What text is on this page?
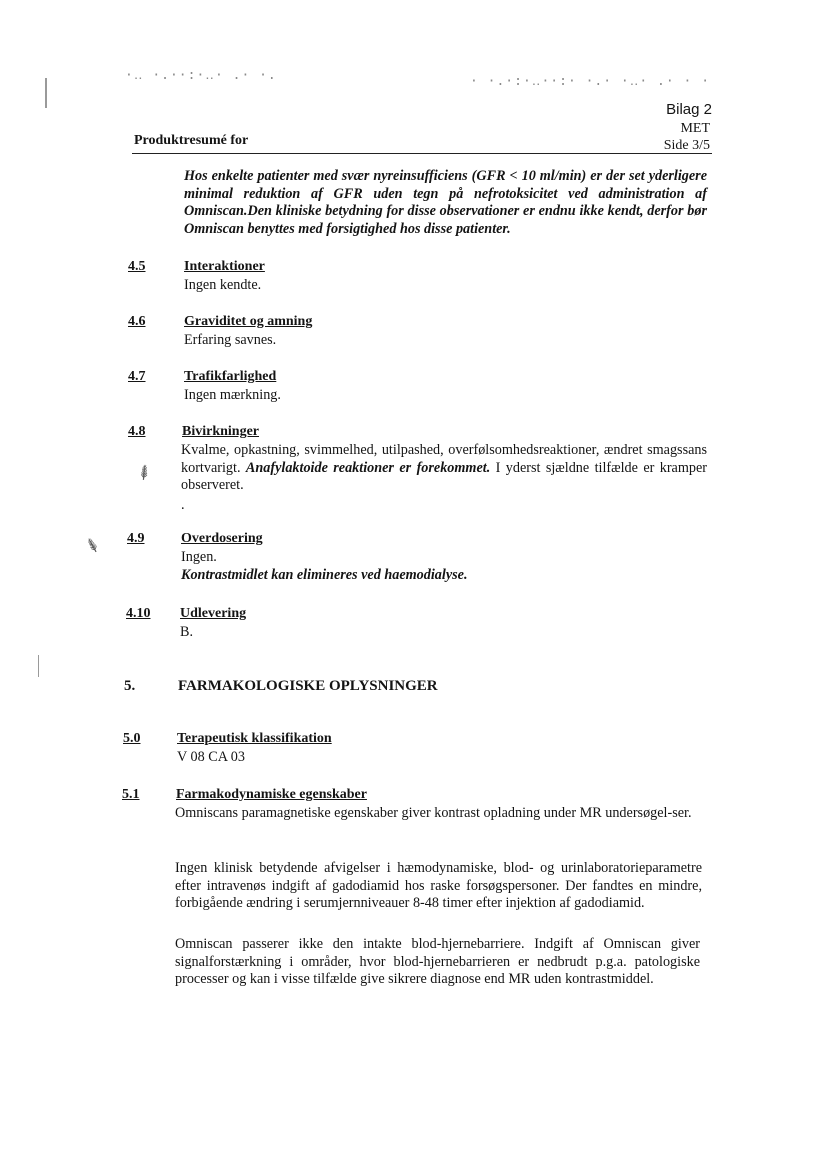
·‥ ·.··:·‥· .· ·.	· ·.·:·‥··:· ·.· ·‥· .· · ·
⸙
⸙
Bilag 2
MET
Produktresumé for	Side 3/5
Hos enkelte patienter med svær nyreinsufficiens (GFR < 10 ml/min) er der set yderligere minimal reduktion af GFR uden tegn på nefrotoksicitet ved administration af Omniscan.Den kliniske betydning for disse observationer er endnu ikke kendt, derfor bør Omniscan benyttes med forsigtighed hos disse patienter.
4.5	Interaktioner
Ingen kendte.
4.6	Graviditet og amning
Erfaring savnes.
4.7	Trafikfarlighed
Ingen mærkning.
4.8	Bivirkninger
Kvalme, opkastning, svimmelhed, utilpashed, overfølsomhedsreaktioner, ændret smagssans kortvarigt. Anafylaktoide reaktioner er forekommet. I yderst sjældne tilfælde er kramper observeret.
.
4.9	Overdosering
Ingen.
Kontrastmidlet kan elimineres ved haemodialyse.
4.10 Udlevering
B.
5.	FARMAKOLOGISKE OPLYSNINGER
5.0	Terapeutisk klassifikation
V 08 CA 03
5.1	Farmakodynamiske egenskaber
Omniscans paramagnetiske egenskaber giver kontrast opladning under MR undersøgel-ser.
Ingen klinisk betydende afvigelser i hæmodynamiske, blod- og urinlaboratorieparametre efter intravenøs indgift af gadodiamid hos raske forsøgspersoner. Der fandtes en mindre, forbigående ændring i serumjernniveauer 8-48 timer efter injektion af gadodiamid.
Omniscan passerer ikke den intakte blod-hjernebarriere. Indgift af Omniscan giver signalforstærkning i områder, hvor blod-hjernebarrieren er nedbrudt p.g.a. patologiske processer og kan i visse tilfælde give sikrere diagnose end MR uden kontrastmiddel.
